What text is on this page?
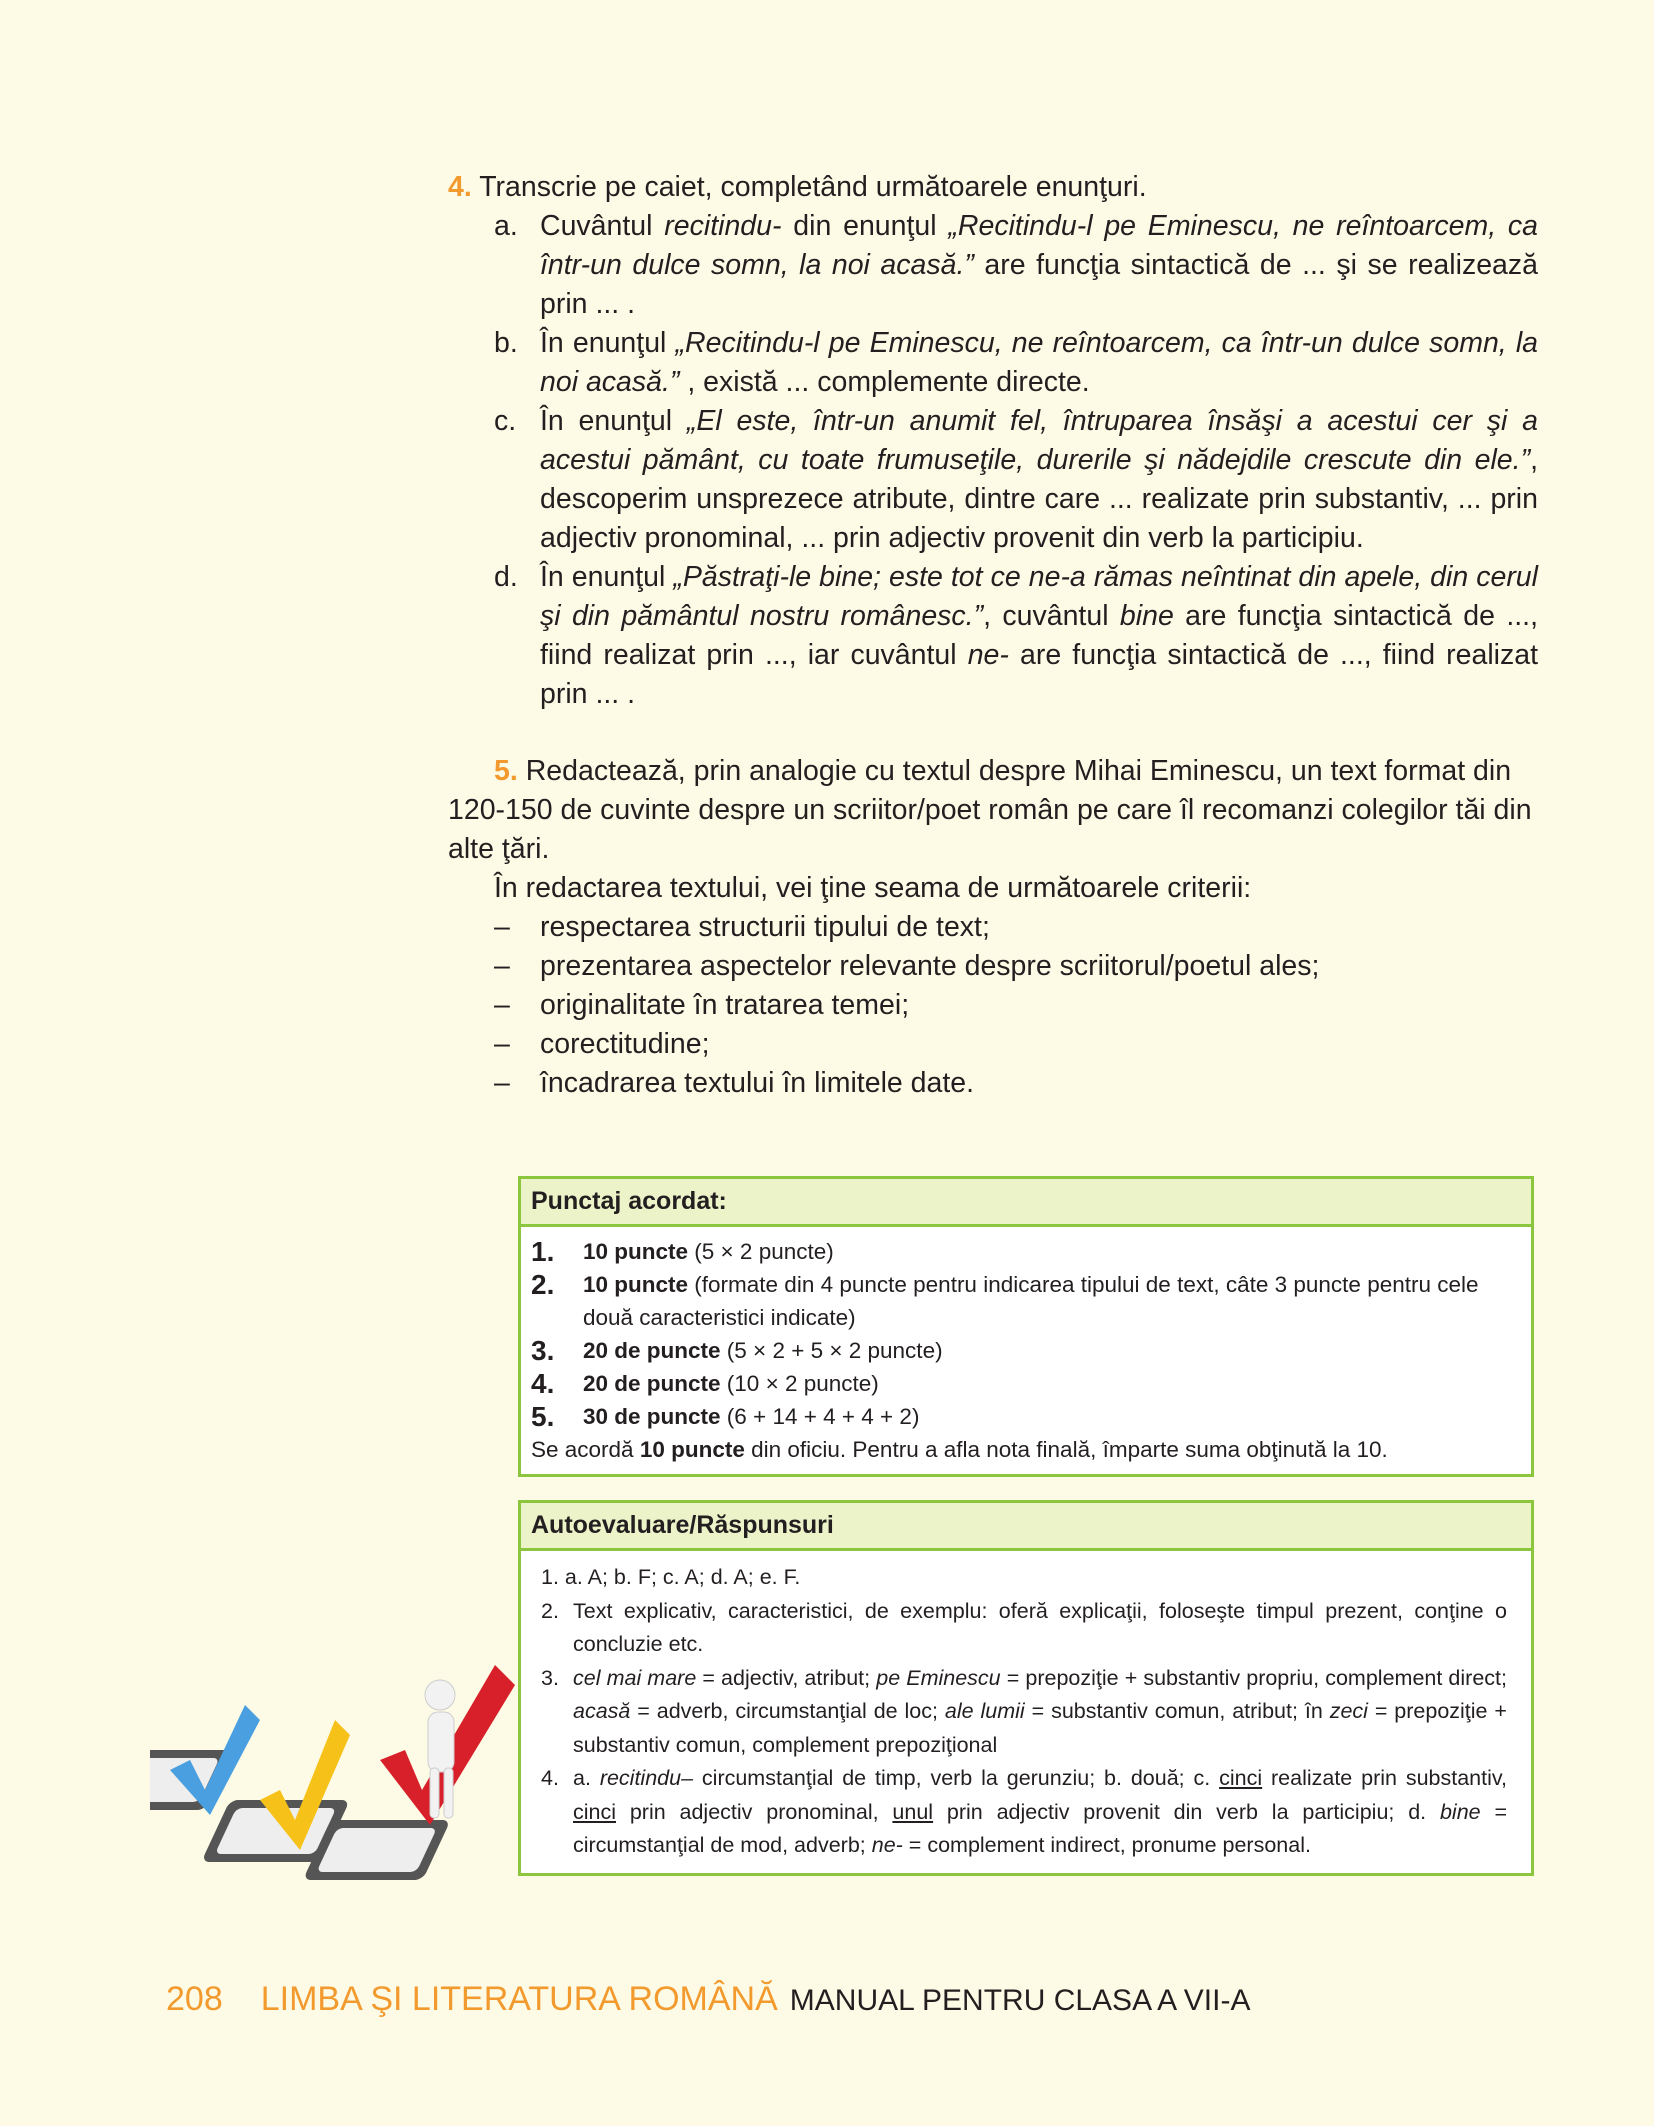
4. Transcrie pe caiet, completând următoarele enunţuri.

a. Cuvântul recitindu- din enunţul „Recitindu-l pe Eminescu, ne reîntoarcem, ca într-un dulce somn, la noi acasă.” are funcţia sintactică de ... şi se realizează prin ... .
b. În enunţul „Recitindu-l pe Eminescu, ne reîntoarcem, ca într-un dulce somn, la noi acasă.” , există ... complemente directe.
c. În enunţul „El este, într-un anumit fel, întruparea însăşi a acestui cer şi a acestui pământ, cu toate frumuseţile, durerile şi nădejdile crescute din ele.”, descoperim unsprezece atribute, dintre care ... realizate prin substantiv, ... prin adjectiv pronominal, ... prin adjectiv provenit din verb la participiu.
d. În enunţul „Păstraţi-le bine; este tot ce ne-a rămas neîntinat din apele, din cerul şi din pământul nostru românesc.”, cuvântul bine are funcţia sintactică de ..., fiind realizat prin ..., iar cuvântul ne- are funcţia sintactică de ..., fiind realizat prin ... .

5. Redactează, prin analogie cu textul despre Mihai Eminescu, un text format din 120-150 de cuvinte despre un scriitor/poet român pe care îl recomanzi colegilor tăi din alte ţări.

În redactarea textului, vei ţine seama de următoarele criterii:

–	respectarea structurii tipului de text;
–	prezentarea aspectelor relevante despre scriitorul/poetul ales;
–	originalitate în tratarea temei;
–	corectitudine;
–	încadrarea textului în limitele date.
Punctaj acordat:
1.	10 puncte (5 × 2 puncte)
2.	10 puncte (formate din 4 puncte pentru indicarea tipului de text, câte 3 puncte pentru cele două caracteristici indicate)
3.	20 de puncte (5 × 2 + 5 × 2 puncte)
4.	20 de puncte (10 × 2 puncte)
5.	30 de puncte (6 + 14 + 4 + 4 + 2)
Se acordă 10 puncte din oficiu. Pentru a afla nota finală, împarte suma obţinută la 10.
Autoevaluare/Răspunsuri
1. a. A; b. F; c. A; d. A; e. F.
2. Text explicativ, caracteristici, de exemplu: oferă explicaţii, foloseşte timpul prezent, conţine o concluzie etc.
3. cel mai mare = adjectiv, atribut; pe Eminescu = prepoziţie + substantiv propriu, complement direct; acasă = adverb, circumstanţial de loc; ale lumii = substantiv comun, atribut; în zeci = prepoziţie + substantiv comun, complement prepoziţional
4. a. recitindu– circumstanţial de timp, verb la gerunziu; b. două; c. cinci realizate prin substantiv, cinci prin adjectiv pronominal, unul prin adjectiv provenit din verb la participiu; d. bine = circumstanţial de mod, adverb; ne- = complement indirect, pronume personal.
208 LIMBA ŞI LITERATURA ROMÂNĂ MANUAL PENTRU CLASA A VII-A
